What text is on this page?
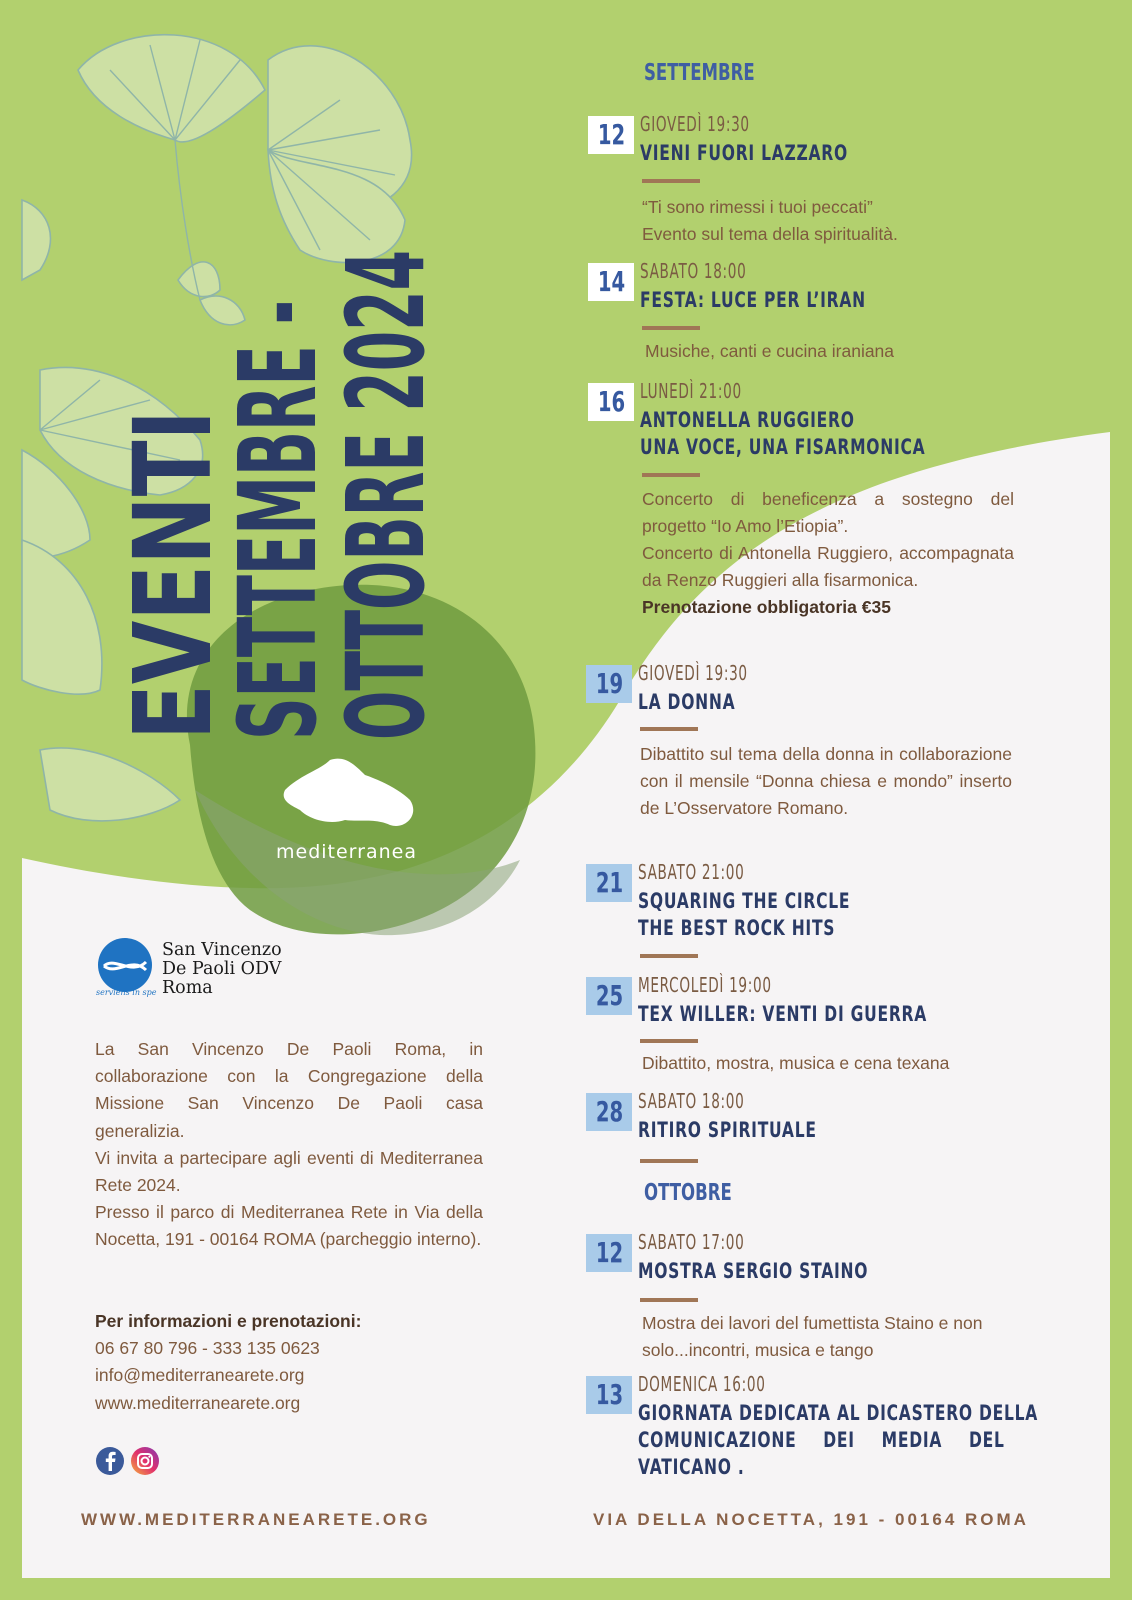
EVENTI
SETTEMBRE -
OTTOBRE 2024
mediterranea
serviens in spe
San Vincenzo
De Paoli ODV
Roma

La San Vincenzo De Paoli Roma, in collaborazione con la Congregazione della Missione San Vincenzo De Paoli casa generalizia.

Vi invita a partecipare agli eventi di Mediterranea Rete 2024.

Presso il parco di Mediterranea Rete in Via della Nocetta, 191 - 00164 ROMA (parcheggio interno).

Per informazioni e prenotazioni:
06 67 80 796 - 333 135 0623
info@mediterranearete.org
www.mediterranearete.org
WWW.MEDITERRANEARETE.ORG	VIA DELLA NOCETTA, 191 - 00164 ROMA
SETTEMBRE
OTTOBRE
12 GIOVEDÌ 19:30
VIENI FUORI LAZZARO
“Ti sono rimessi i tuoi peccati”
Evento sul tema della spiritualità.
14 SABATO 18:00
FESTA: LUCE PER L’IRAN
Musiche, canti e cucina iraniana
16 LUNEDÌ 21:00
ANTONELLA RUGGIERO
UNA VOCE, UNA FISARMONICA
Concerto di beneficenza a sostegno del progetto “Io Amo l’Etiopia”.
Concerto di Antonella Ruggiero, accompagnata da Renzo Ruggieri alla fisarmonica.
Prenotazione obbligatoria €35
19 GIOVEDÌ 19:30
LA DONNA
Dibattito sul tema della donna in collaborazione con il mensile “Donna chiesa e mondo” inserto de L’Osservatore Romano.
21 SABATO 21:00
SQUARING THE CIRCLE
THE BEST ROCK HITS
25 MERCOLEDÌ 19:00
TEX WILLER: VENTI DI GUERRA
Dibattito, mostra, musica e cena texana
28 SABATO 18:00
RITIRO SPIRITUALE
12 SABATO 17:00
MOSTRA SERGIO STAINO
Mostra dei lavori del fumettista Staino e non solo...incontri, musica e tango
13 DOMENICA 16:00
GIORNATA DEDICATA AL DICASTERO DELLA
COMUNICAZIONE DEI MEDIA DEL
VATICANO .
